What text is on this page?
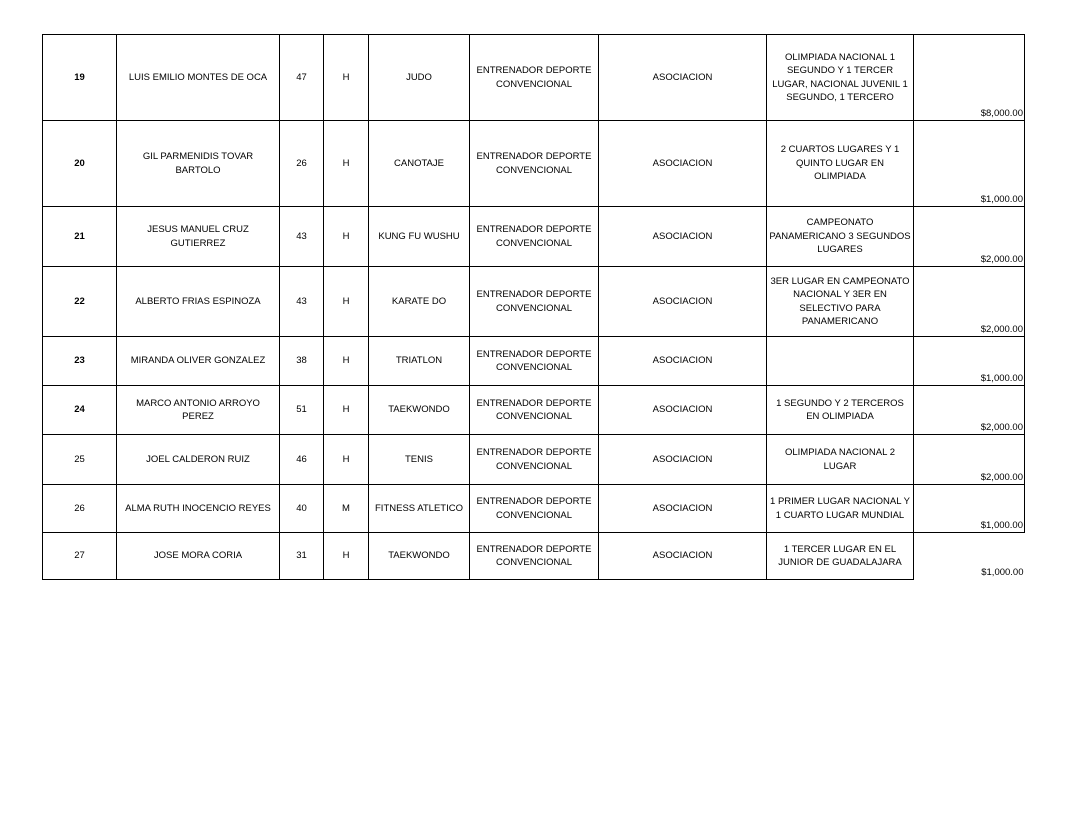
19	LUIS EMILIO MONTES DE OCA	47	H	JUDO	ENTRENADOR DEPORTE CONVENCIONAL	ASOCIACION	OLIMPIADA NACIONAL 1 SEGUNDO Y 1 TERCER LUGAR, NACIONAL JUVENIL 1 SEGUNDO, 1 TERCERO	$8,000.00
20	GIL PARMENIDIS TOVAR BARTOLO	26	H	CANOTAJE	ENTRENADOR DEPORTE CONVENCIONAL	ASOCIACION	2 CUARTOS LUGARES Y 1 QUINTO LUGAR EN OLIMPIADA	$1,000.00
21	JESUS MANUEL CRUZ GUTIERREZ	43	H	KUNG FU WUSHU	ENTRENADOR DEPORTE CONVENCIONAL	ASOCIACION	CAMPEONATO PANAMERICANO 3 SEGUNDOS LUGARES	$2,000.00
22	ALBERTO FRIAS ESPINOZA	43	H	KARATE DO	ENTRENADOR DEPORTE CONVENCIONAL	ASOCIACION	3ER LUGAR EN CAMPEONATO NACIONAL Y 3ER EN SELECTIVO PARA PANAMERICANO	$2,000.00
23	MIRANDA OLIVER GONZALEZ	38	H	TRIATLON	ENTRENADOR DEPORTE CONVENCIONAL	ASOCIACION		$1,000.00
24	MARCO ANTONIO ARROYO PEREZ	51	H	TAEKWONDO	ENTRENADOR DEPORTE CONVENCIONAL	ASOCIACION	1 SEGUNDO Y 2 TERCEROS EN OLIMPIADA	$2,000.00
25	JOEL CALDERON RUIZ	46	H	TENIS	ENTRENADOR DEPORTE CONVENCIONAL	ASOCIACION	OLIMPIADA NACIONAL 2 LUGAR	$2,000.00
26	ALMA RUTH INOCENCIO REYES	40	M	FITNESS ATLETICO	ENTRENADOR DEPORTE CONVENCIONAL	ASOCIACION	1 PRIMER LUGAR NACIONAL Y 1 CUARTO LUGAR MUNDIAL	$1,000.00
27	JOSE MORA CORIA	31	H	TAEKWONDO	ENTRENADOR DEPORTE CONVENCIONAL	ASOCIACION	1 TERCER LUGAR EN EL JUNIOR DE GUADALAJARA	$1,000.00
